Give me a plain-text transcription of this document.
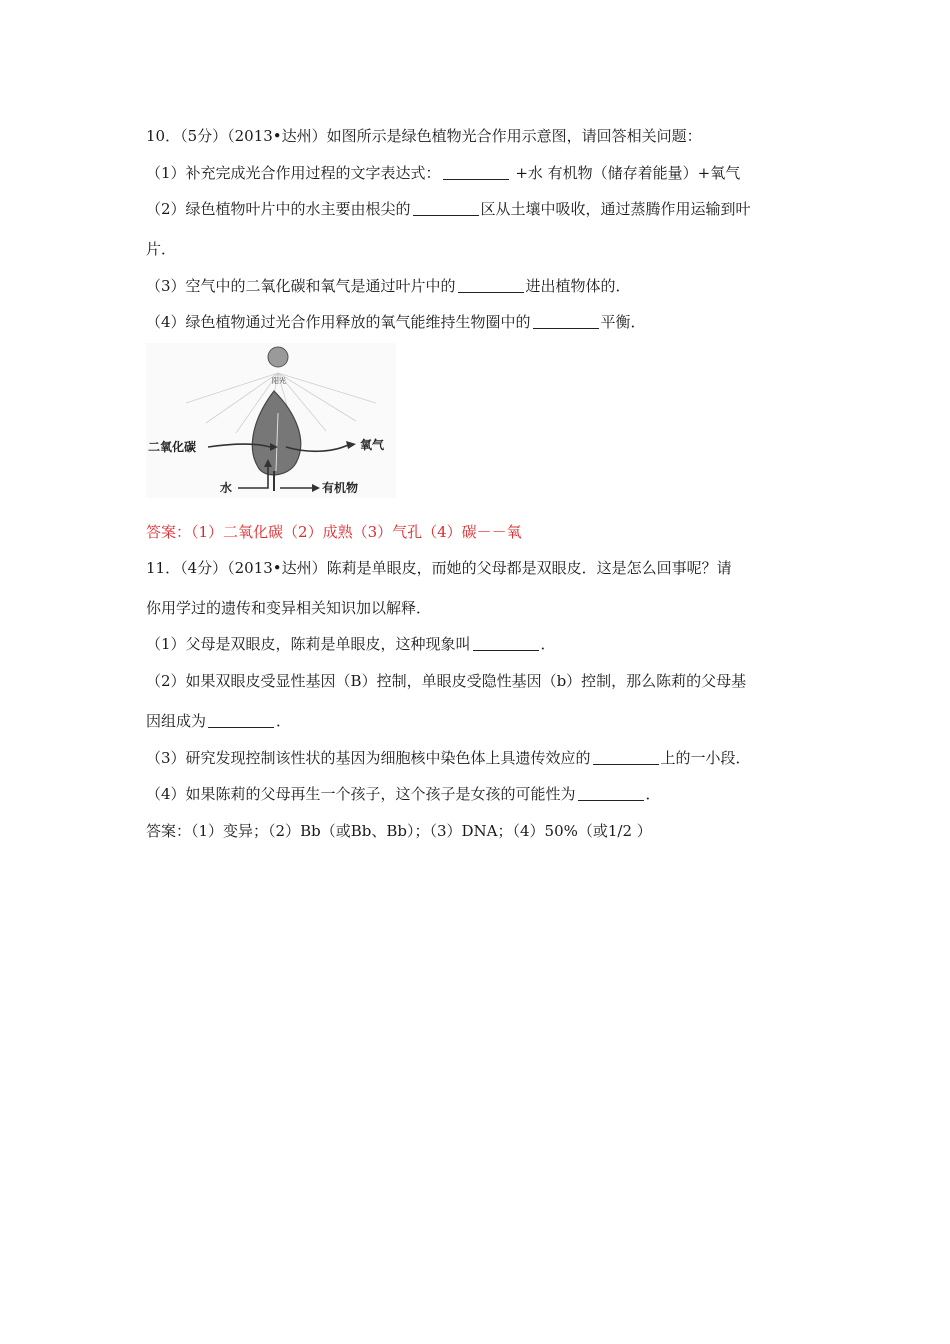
10．（5分）（2013•达州）如图所示是绿色植物光合作用示意图，请回答相关问题：
（1）补充完成光合作用过程的文字表达式：	+水 有机物（储存着能量）+氧气
（2）绿色植物叶片中的水主要由根尖的	区从土壤中吸收，通过蒸腾作用运输到叶
片．
（3）空气中的二氧化碳和氧气是通过叶片中的	进出植物体的．
（4）绿色植物通过光合作用释放的氧气能维持生物圈中的	平衡．
阳光
二氧化碳	氧气
水	有机物
答案：（1）二氧化碳（2）成熟（3）气孔（4）碳－－氧
11．（4分）（2013•达州）陈莉是单眼皮，而她的父母都是双眼皮．这是怎么回事呢？请
你用学过的遗传和变异相关知识加以解释．
（1）父母是双眼皮，陈莉是单眼皮，这种现象叫	．
（2）如果双眼皮受显性基因（B）控制，单眼皮受隐性基因（b）控制，那么陈莉的父母基
因组成为	．
（3）研究发现控制该性状的基因为细胞核中染色体上具遗传效应的	上的一小段．
（4）如果陈莉的父母再生一个孩子，这个孩子是女孩的可能性为	．
答案：（1）变异；（2）Bb（或Bb、Bb）；（3）DNA；（4）50%（或1/2 ）
